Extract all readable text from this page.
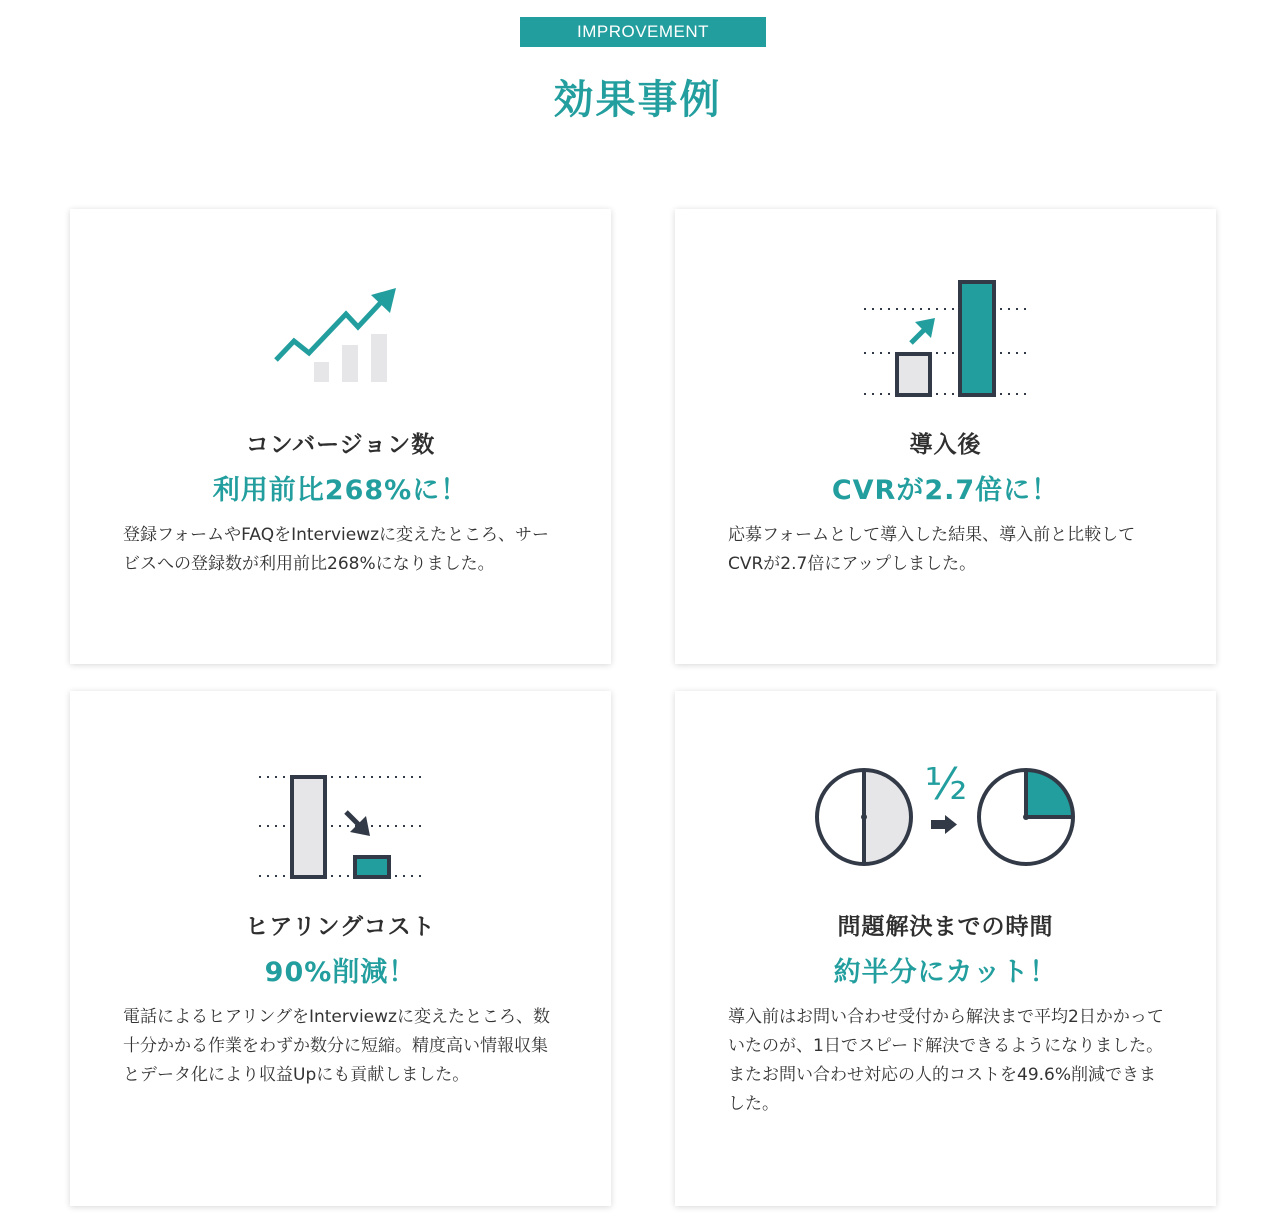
IMPROVEMENT
効果事例
コンバージョン数
利用前比268%に！

登録フォームやFAQをInterviewzに変えたところ、サービスへの登録数が利用前比268%になりました。

導入後
CVRが2.7倍に！

応募フォームとして導入した結果、導入前と比較してCVRが2.7倍にアップしました。

ヒアリングコスト
90%削減！

電話によるヒアリングをInterviewzに変えたところ、数十分かかる作業をわずか数分に短縮。精度高い情報収集とデータ化により収益Upにも貢献しました。

½
問題解決までの時間
約半分にカット！

導入前はお問い合わせ受付から解決まで平均2日かかっていたのが、1日でスピード解決できるようになりました。

またお問い合わせ対応の人的コストを49.6%削減できました。
